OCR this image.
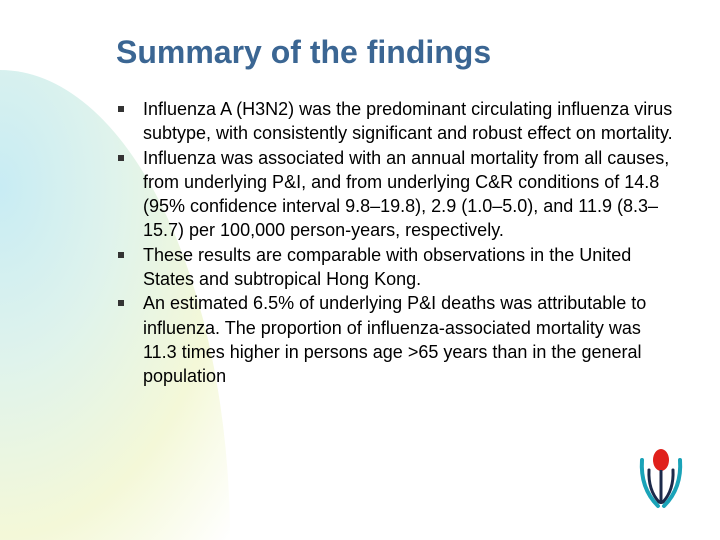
Summary of the findings
Influenza A (H3N2) was the predominant circulating influenza virus subtype, with consistently significant and robust effect on mortality.
Influenza was associated with an annual mortality from all causes, from underlying P&I, and from underlying C&R conditions of 14.8 (95% confidence interval 9.8–19.8), 2.9 (1.0–5.0), and 11.9 (8.3–15.7) per 100,000 person-years, respectively.
These results are comparable with observations in the United States and subtropical Hong Kong.
An estimated 6.5% of underlying P&I deaths was attributable to influenza. The proportion of influenza-associated mortality was 11.3 times higher in persons age >65 years than in the general population
